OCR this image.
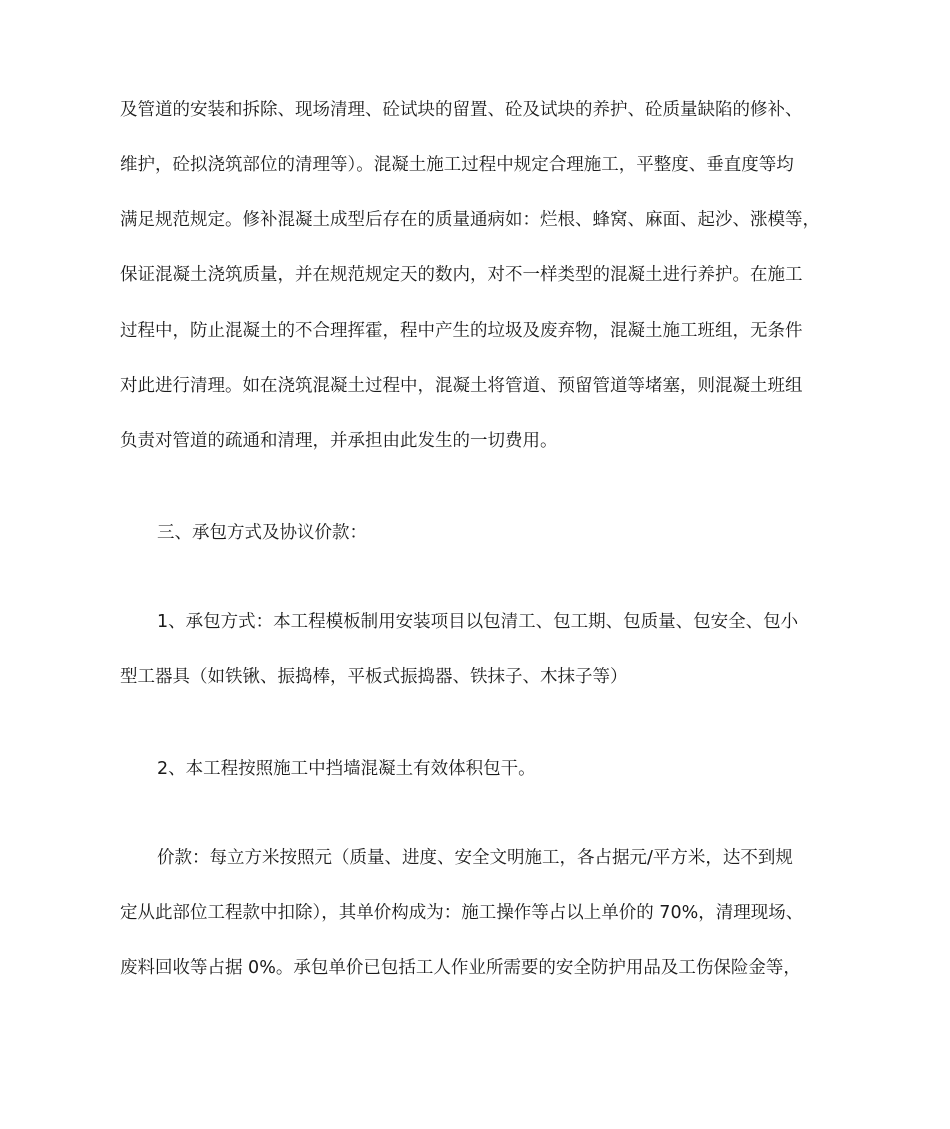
及管道的安装和拆除、现场清理、砼试块的留置、砼及试块的养护、砼质量缺陷的修补、
维护，砼拟浇筑部位的清理等）。混凝土施工过程中规定合理施工，平整度、垂直度等均
满足规范规定。修补混凝土成型后存在的质量通病如：烂根、蜂窝、麻面、起沙、涨模等，
保证混凝土浇筑质量，并在规范规定天的数内，对不一样类型的混凝土进行养护。在施工
过程中，防止混凝土的不合理挥霍，程中产生的垃圾及废弃物，混凝土施工班组，无条件
对此进行清理。如在浇筑混凝土过程中，混凝土将管道、预留管道等堵塞，则混凝土班组
负责对管道的疏通和清理，并承担由此发生的一切费用。
三、承包方式及协议价款：
1、承包方式：本工程模板制用安装项目以包清工、包工期、包质量、包安全、包小
型工器具（如铁锹、振捣棒，平板式振捣器、铁抹子、木抹子等）
2、本工程按照施工中挡墙混凝土有效体积包干。
价款：每立方米按照元（质量、进度、安全文明施工，各占据元/平方米，达不到规
定从此部位工程款中扣除），其单价构成为：施工操作等占以上单价的 70%，清理现场、
废料回收等占据 0%。承包单价已包括工人作业所需要的安全防护用品及工伤保险金等，
